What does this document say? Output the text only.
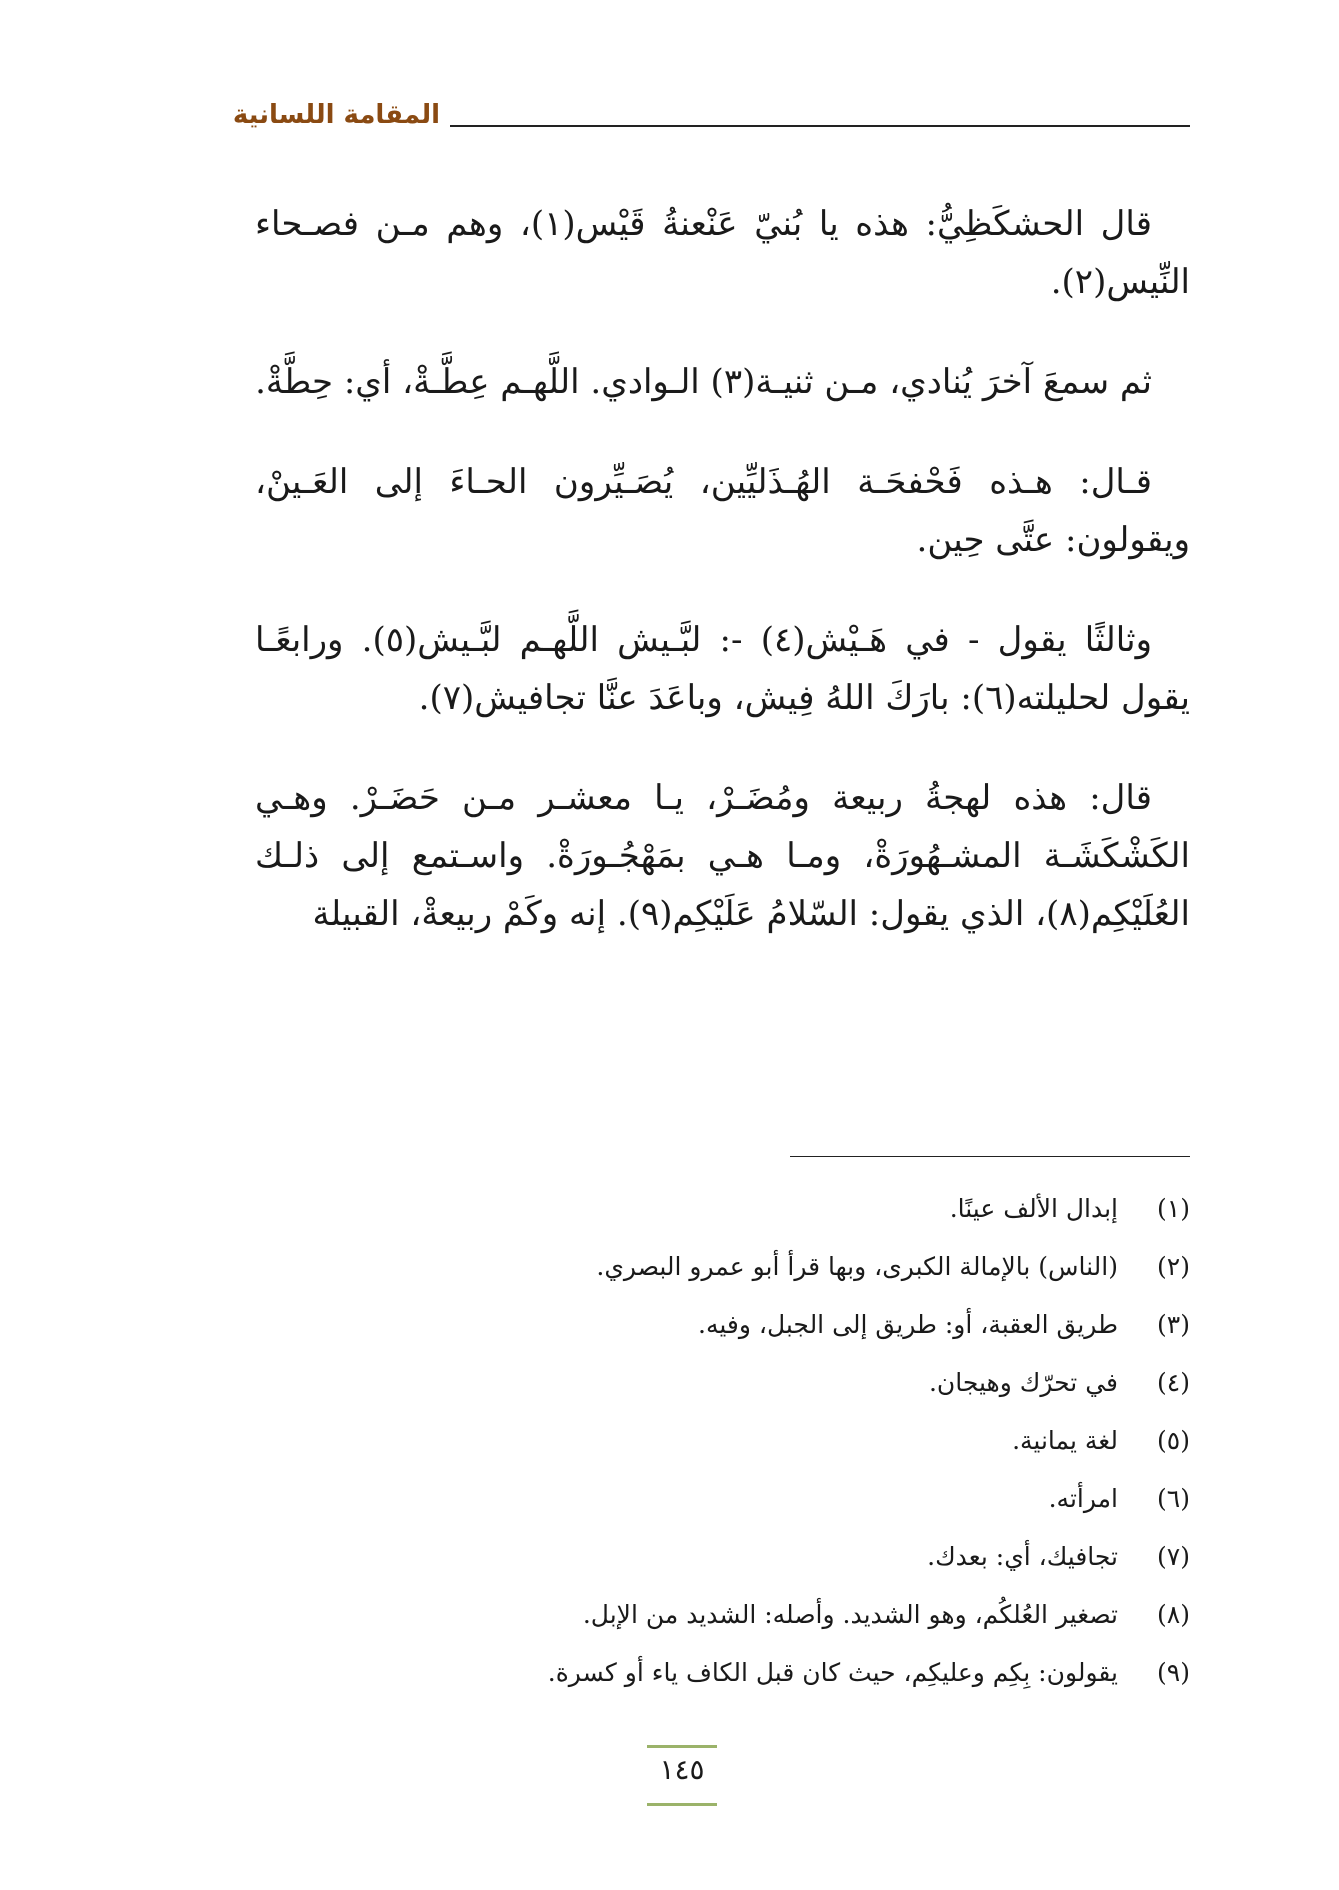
المقامة اللسانية

قال الحشكَظِيُّ: هذه يا بُنيّ عَنْعنةُ قَيْس(١)، وهم مـن فصـحاء النِّيس(٢).

ثم سمعَ آخرَ يُنادي، مـن ثنيـة(٣) الـوادي. اللَّهـم عِطَّـةْ، أي: حِطَّةْ.

قـال: هـذه فَحْفحَـة الهُـذَليِّين، يُصَـيِّرون الحـاءَ إلى العَـينْ، ويقولون: عتَّى حِين.

وثالثًا يقول - في هَـيْش(٤) -: لبَّـيش اللَّهـم لبَّـيش(٥). ورابعًـا يقول لحليلته(٦): بارَكَ اللهُ فِيش، وباعَدَ عنَّا تجافيش(٧).

قال: هذه لهجةُ ربيعة ومُضَـرْ، يـا معشـر مـن حَضَـرْ. وهـي الكَشْكَشَـة المشـهُورَةْ، ومـا هـي بمَهْجُـورَةْ. واسـتمع إلى ذلـك العُلَيْكِم(٨)، الذي يقول: السّلامُ عَلَيْكِم(٩). إنه وكَمْ ربيعةْ، القبيلة

(١)
إبدال الألف عينًا.
(٢)
(الناس) بالإمالة الكبرى، وبها قرأ أبو عمرو البصري.
(٣)
طريق العقبة، أو: طريق إلى الجبل، وفيه.
(٤)
في تحرّك وهيجان.
(٥)
لغة يمانية.
(٦)
امرأته.
(٧)
تجافيك، أي: بعدك.
(٨)
تصغير العُلكُم، وهو الشديد. وأصله: الشديد من الإبل.
(٩)
يقولون: بِكِم وعليكِم، حيث كان قبل الكاف ياء أو كسرة.
١٤٥
